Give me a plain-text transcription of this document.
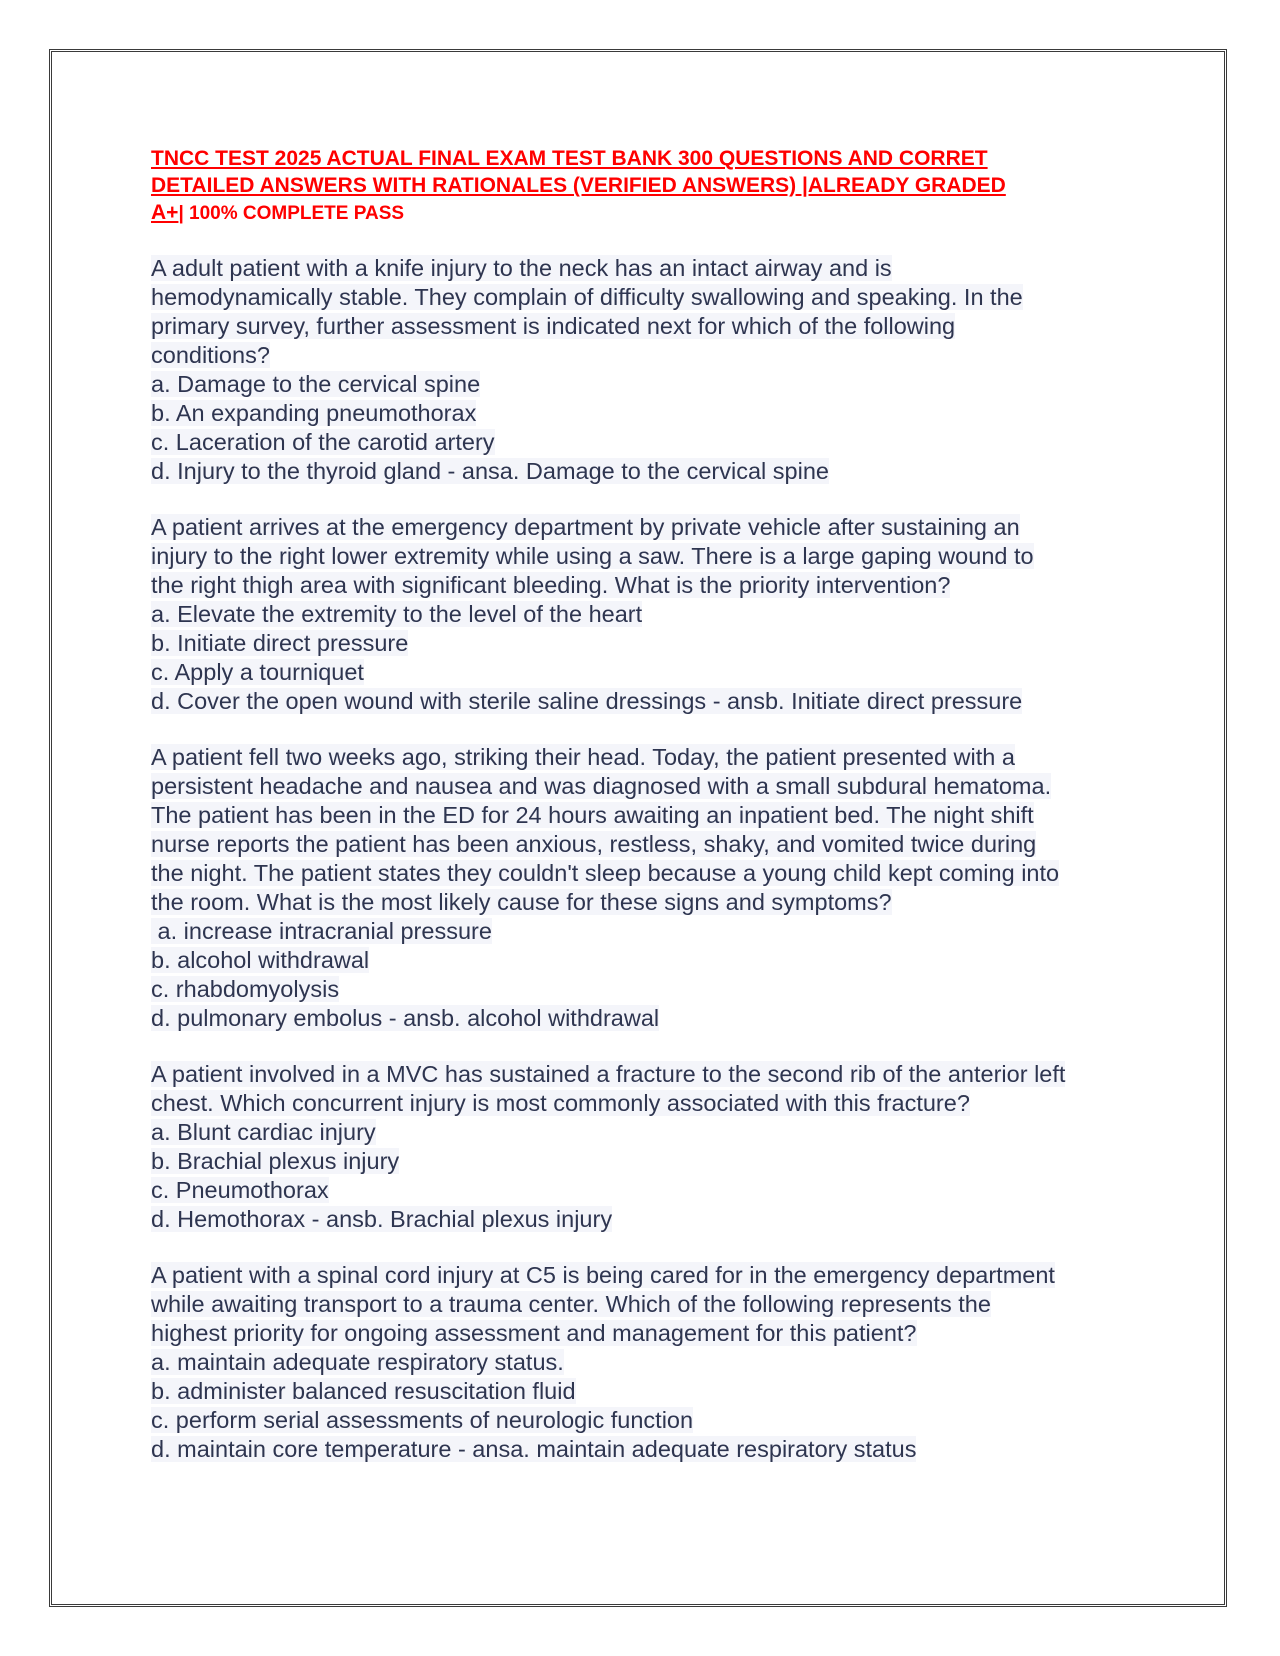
TNCC TEST 2025 ACTUAL FINAL EXAM TEST BANK 300 QUESTIONS AND CORRET
DETAILED ANSWERS WITH RATIONALES (VERIFIED ANSWERS) |ALREADY GRADED
A+| 100% COMPLETE PASS

A adult patient with a knife injury to the neck has an intact airway and is

hemodynamically stable. They complain of difficulty swallowing and speaking. In the

primary survey, further assessment is indicated next for which of the following

conditions?

a. Damage to the cervical spine

b. An expanding pneumothorax

c. Laceration of the carotid artery

d. Injury to the thyroid gland - ansa. Damage to the cervical spine

A patient arrives at the emergency department by private vehicle after sustaining an

injury to the right lower extremity while using a saw. There is a large gaping wound to

the right thigh area with significant bleeding. What is the priority intervention?

a. Elevate the extremity to the level of the heart

b. Initiate direct pressure

c. Apply a tourniquet

d. Cover the open wound with sterile saline dressings - ansb. Initiate direct pressure

A patient fell two weeks ago, striking their head. Today, the patient presented with a

persistent headache and nausea and was diagnosed with a small subdural hematoma.

The patient has been in the ED for 24 hours awaiting an inpatient bed. The night shift

nurse reports the patient has been anxious, restless, shaky, and vomited twice during

the night. The patient states they couldn't sleep because a young child kept coming into

the room. What is the most likely cause for these signs and symptoms?

a. increase intracranial pressure

b. alcohol withdrawal

c. rhabdomyolysis

d. pulmonary embolus - ansb. alcohol withdrawal

A patient involved in a MVC has sustained a fracture to the second rib of the anterior left

chest. Which concurrent injury is most commonly associated with this fracture?

a. Blunt cardiac injury

b. Brachial plexus injury

c. Pneumothorax

d. Hemothorax - ansb. Brachial plexus injury

A patient with a spinal cord injury at C5 is being cared for in the emergency department

while awaiting transport to a trauma center. Which of the following represents the

highest priority for ongoing assessment and management for this patient?

a. maintain adequate respiratory status.

b. administer balanced resuscitation fluid

c. perform serial assessments of neurologic function

d. maintain core temperature - ansa. maintain adequate respiratory status
